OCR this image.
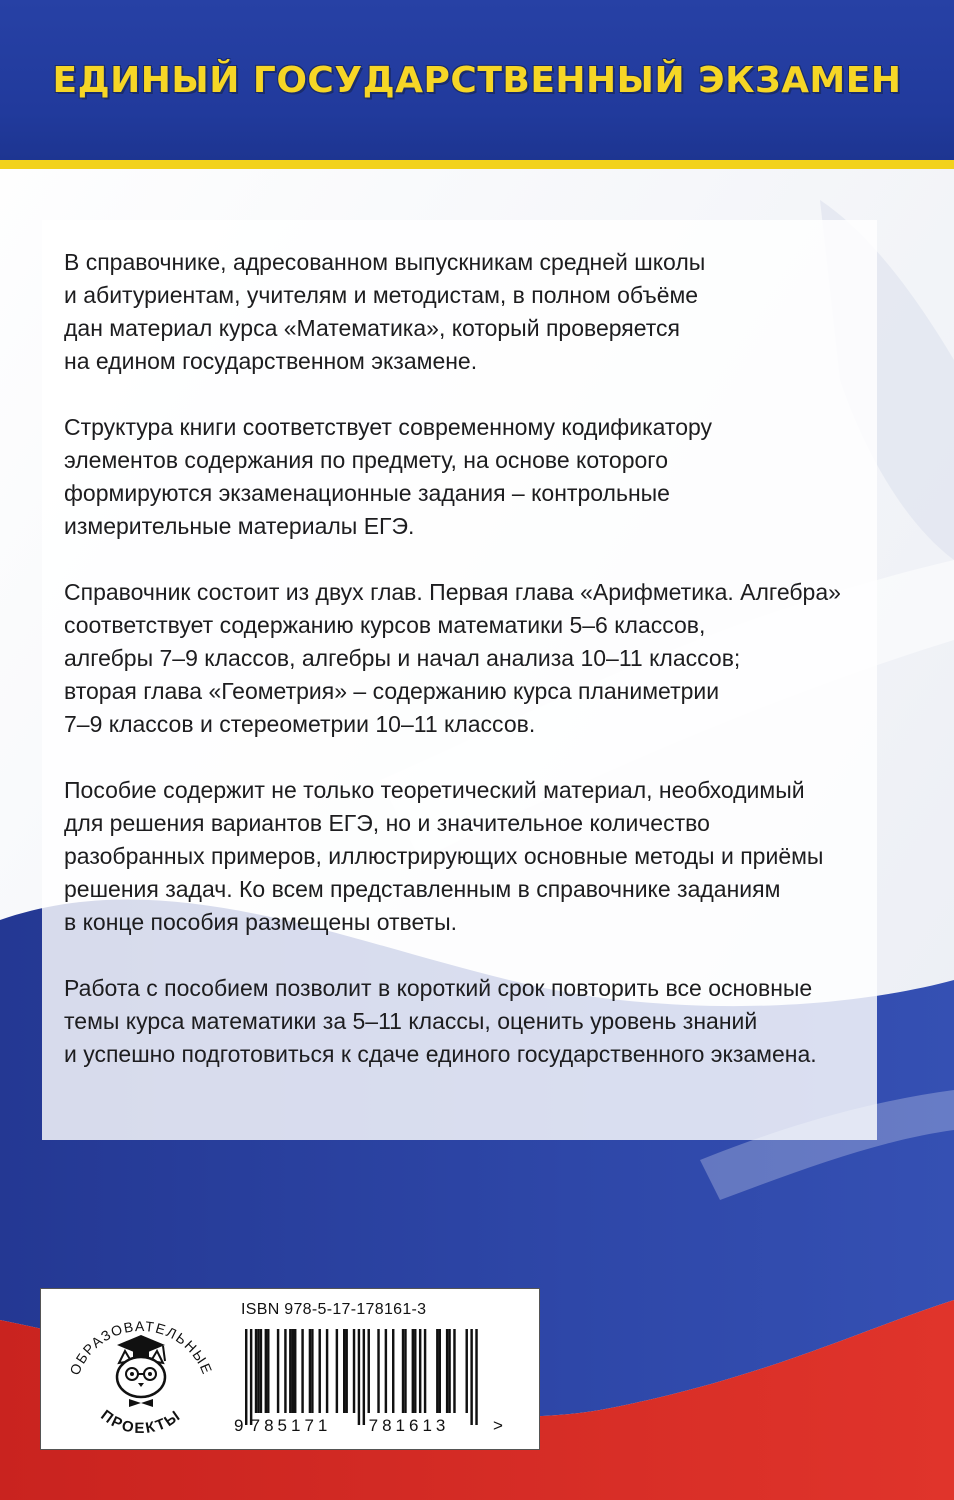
ЕДИНЫЙ ГОСУДАРСТВЕННЫЙ ЭКЗАМЕН

В справочнике, адресованном выпускникам средней школы
и абитуриентам, учителям и методистам, в полном объёме
дан материал курса «Математика», который проверяется
на едином государственном экзамене.

Структура книги соответствует современному кодификатору
элементов содержания по предмету, на основе которого
формируются экзаменационные задания – контрольные
измерительные материалы ЕГЭ.

Справочник состоит из двух глав. Первая глава «Арифметика. Алгебра»
соответствует содержанию курсов математики 5–6 классов,
алгебры 7–9 классов, алгебры и начал анализа 10–11 классов;
вторая глава «Геометрия» – содержанию курса планиметрии
7–9 классов и стереометрии 10–11 классов.

Пособие содержит не только теоретический материал, необходимый
для решения вариантов ЕГЭ, но и значительное количество
разобранных примеров, иллюстрирующих основные методы и приёмы
решения задач. Ко всем представленным в справочнике заданиям
в конце пособия размещены ответы.

Работа с пособием позволит в короткий срок повторить все основные
темы курса математики за 5–11 классы, оценить уровень знаний
и успешно подготовиться к сдаче единого государственного экзамена.

ОБРАЗОВАТЕЛЬНЫЕ
ПРОЕКТЫ
ISBN 978-5-17-178161-3
9 785171 781613	>
